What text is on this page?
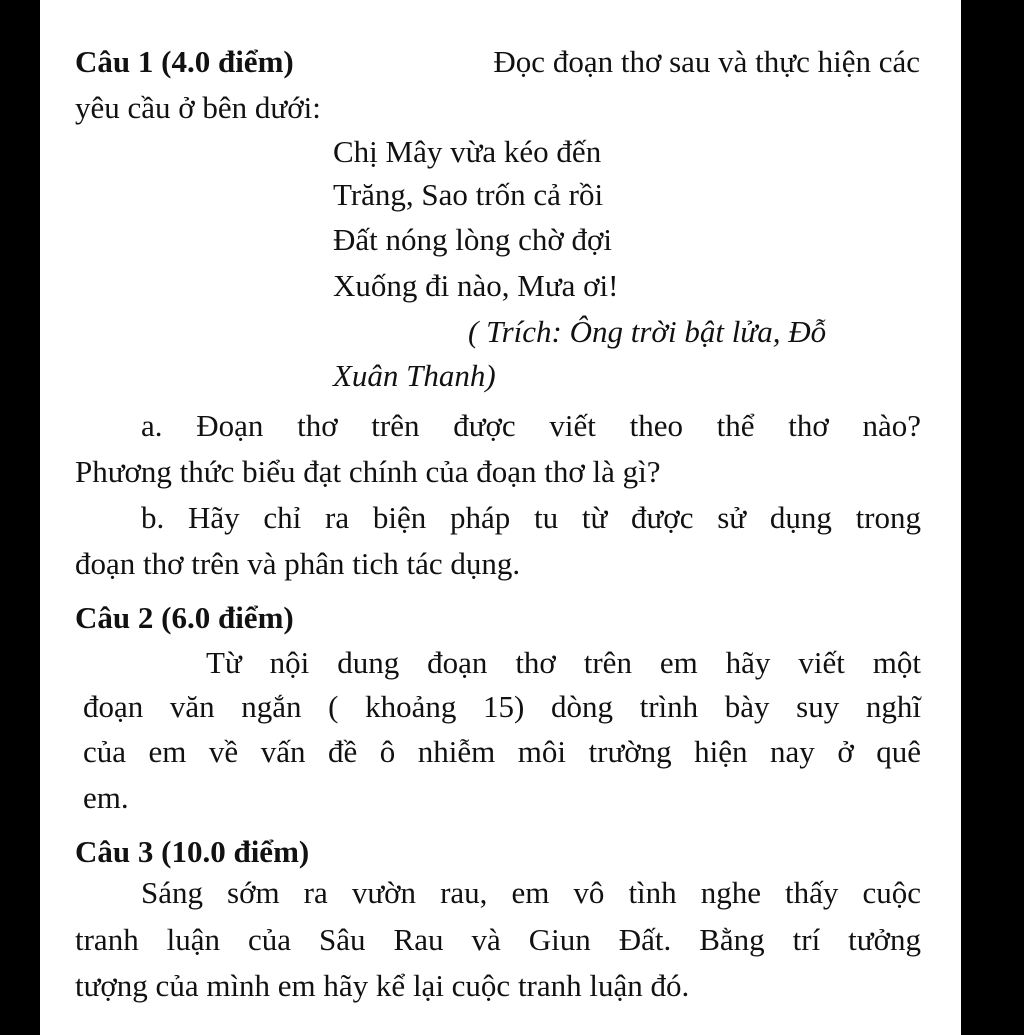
Câu 1 (4.0 điểm)	Đọc đoạn thơ sau và thực hiện các
yêu cầu ở bên dưới:
Chị Mây vừa kéo đến
Trăng, Sao trốn cả rồi
Đất nóng lòng chờ đợi
Xuống đi nào, Mưa ơi!
( Trích: Ông trời bật lửa, Đỗ
Xuân Thanh)
a. Đoạn thơ trên được viết theo thể thơ nào?
Phương thức biểu đạt chính của đoạn thơ là gì?
b. Hãy chỉ ra biện pháp tu từ được sử dụng trong
đoạn thơ trên và phân tich tác dụng.
Câu 2 (6.0 điểm)
Từ nội dung đoạn thơ trên em hãy viết một
đoạn văn ngắn ( khoảng 15) dòng trình bày suy nghĩ
của em về vấn đề ô nhiễm môi trường hiện nay ở quê
em.
Câu 3 (10.0 điểm)
Sáng sớm ra vườn rau, em vô tình nghe thấy cuộc
tranh luận của Sâu Rau và Giun Đất. Bằng trí tưởng
tượng của mình em hãy kể lại cuộc tranh luận đó.
